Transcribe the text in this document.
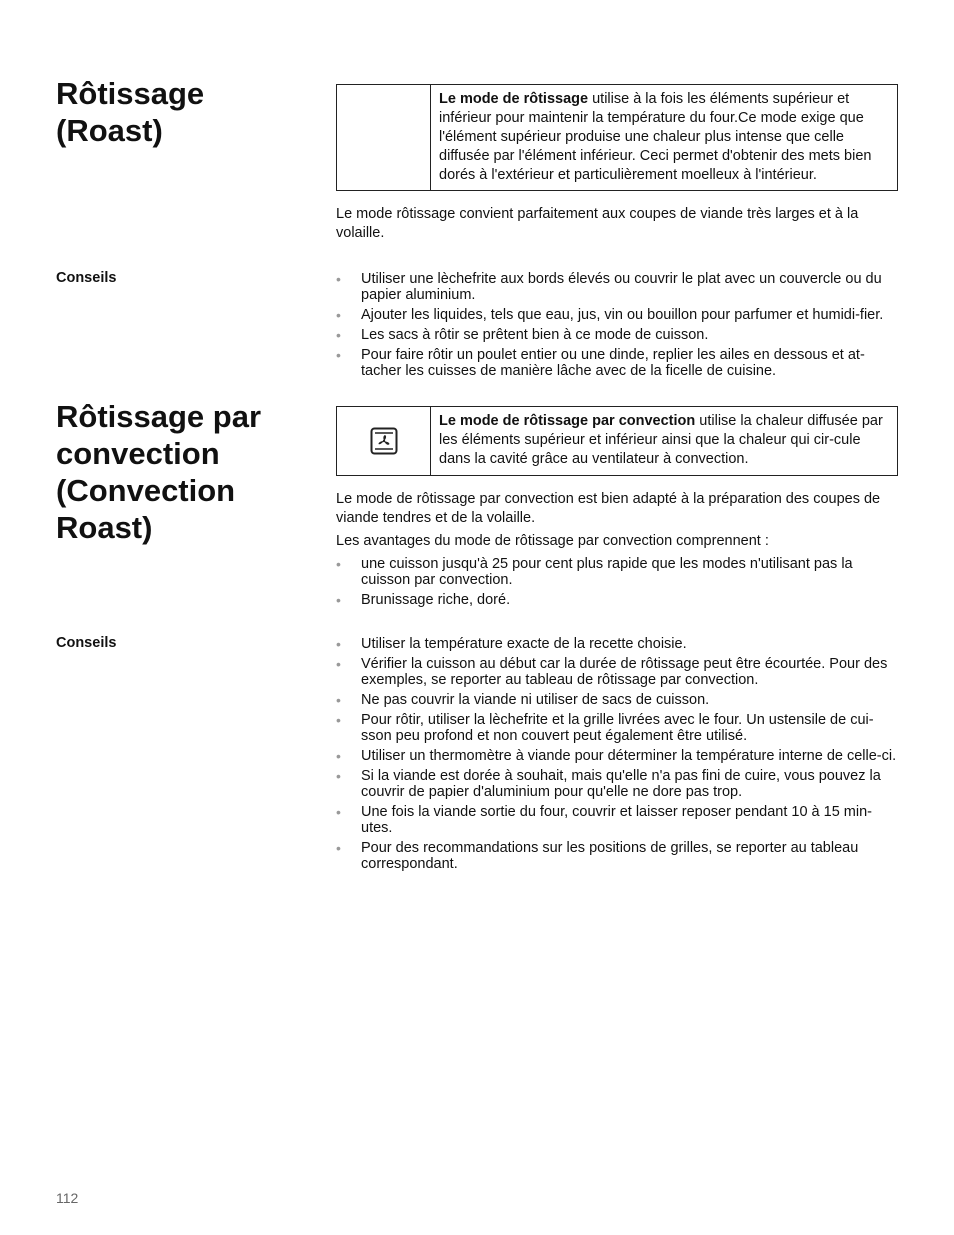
Rôtissage
(Roast)
Le mode de rôtissage utilise à la fois les éléments supérieur et inférieur pour maintenir la température du four.Ce mode exige que l'élément supérieur produise une chaleur plus intense que celle diffusée par l'élément inférieur. Ceci permet d'obtenir des mets bien dorés à l'extérieur et particulièrement moelleux à l'intérieur.

Le mode rôtissage convient parfaitement aux coupes de viande très larges et à la volaille.

Conseils	• Utiliser une lèchefrite aux bords élevés ou couvrir le plat avec un couvercle ou du papier aluminium.
• Ajouter les liquides, tels que eau, jus, vin ou bouillon pour parfumer et humidi-fier.
• Les sacs à rôtir se prêtent bien à ce mode de cuisson.
• Pour faire rôtir un poulet entier ou une dinde, replier les ailes en dessous et at-tacher les cuisses de manière lâche avec de la ficelle de cuisine.
Rôtissage par
convection
(Convection
Roast)
Le mode de rôtissage par convection utilise la chaleur diffusée par les éléments supérieur et inférieur ainsi que la chaleur qui cir-cule dans la cavité grâce au ventilateur à convection.

Le mode de rôtissage par convection est bien adapté à la préparation des coupes de viande tendres et de la volaille.

Les avantages du mode de rôtissage par convection comprennent :

• une cuisson jusqu'à 25 pour cent plus rapide que les modes n'utilisant pas la cuisson par convection.
• Brunissage riche, doré.
Conseils	• Utiliser la température exacte de la recette choisie.
• Vérifier la cuisson au début car la durée de rôtissage peut être écourtée. Pour des exemples, se reporter au tableau de rôtissage par convection.
• Ne pas couvrir la viande ni utiliser de sacs de cuisson.
• Pour rôtir, utiliser la lèchefrite et la grille livrées avec le four. Un ustensile de cui-sson peu profond et non couvert peut également être utilisé.
• Utiliser un thermomètre à viande pour déterminer la température interne de celle-ci.
• Si la viande est dorée à souhait, mais qu'elle n'a pas fini de cuire, vous pouvez la couvrir de papier d'aluminium pour qu'elle ne dore pas trop.
• Une fois la viande sortie du four, couvrir et laisser reposer pendant 10 à 15 min-utes.
• Pour des recommandations sur les positions de grilles, se reporter au tableau correspondant.
112
